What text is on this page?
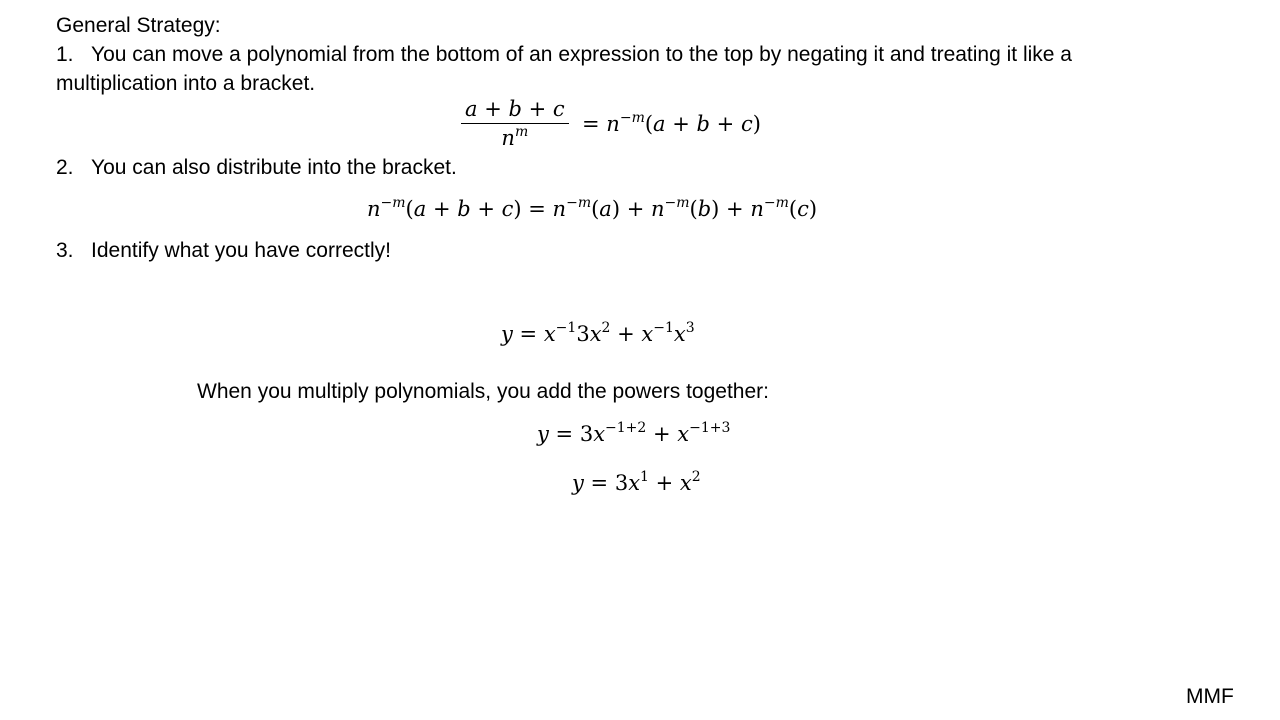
General Strategy:
1. You can move a polynomial from the bottom of an expression to the top by negating it and treating it like a
multiplication into a bracket.
$\frac{a + b + c}{n^m} = n^{-m}(a + b + c)$
2. You can also distribute into the bracket.
$n^{-m}(a + b + c) = n^{-m}(a) + n^{-m}(b) + n^{-m}(c)$
3. Identify what you have correctly!
$y = x^{-1}3x^2 + x^{-1}x^3$
When you multiply polynomials, you add the powers together:
$y = 3x^{-1+2} + x^{-1+3}$
$y = 3x^1 + x^2$
MMF
